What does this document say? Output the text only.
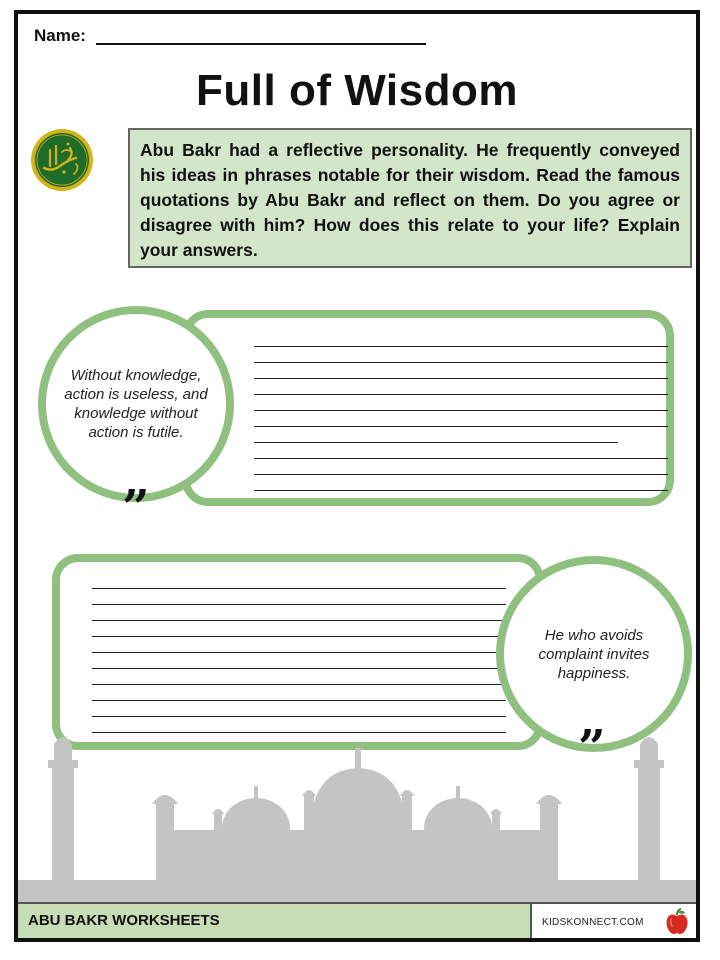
Name:
Full of Wisdom
Abu Bakr had a reflective personality. He frequently conveyed his ideas in phrases notable for their wisdom. Read the famous quotations by Abu Bakr and reflect on them. Do you agree or disagree with him? How does this relate to your life? Explain your answers.
Without knowledge, action is useless, and knowledge without action is futile.
”
He who avoids complaint invites happiness.
”
ABU BAKR WORKSHEETS	KIDSKONNECT.COM
